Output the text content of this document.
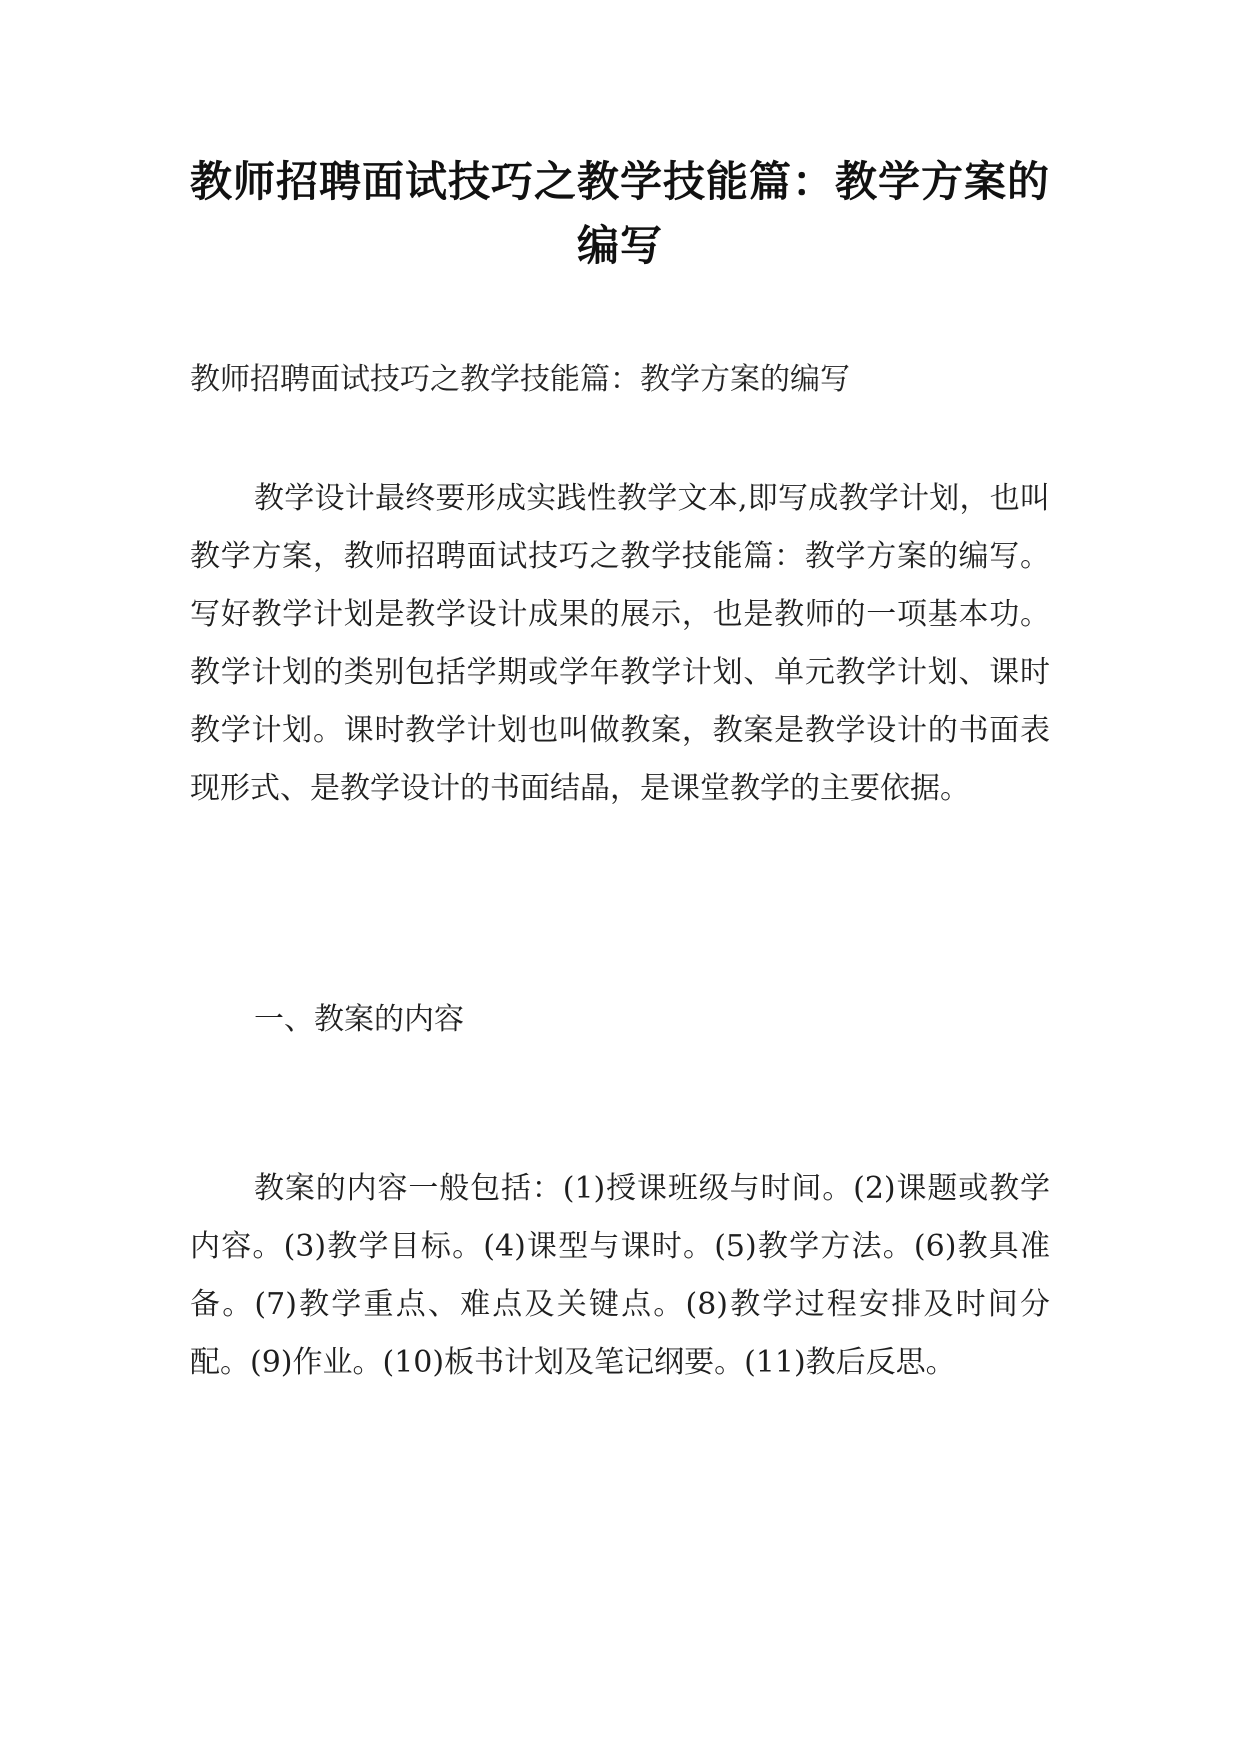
教师招聘面试技巧之教学技能篇：教学方案的编写

教师招聘面试技巧之教学技能篇：教学方案的编写

教学设计最终要形成实践性教学文本,即写成教学计划，也叫教学方案，教师招聘面试技巧之教学技能篇：教学方案的编写。写好教学计划是教学设计成果的展示，也是教师的一项基本功。教学计划的类别包括学期或学年教学计划、单元教学计划、课时教学计划。课时教学计划也叫做教案，教案是教学设计的书面表现形式、是教学设计的书面结晶，是课堂教学的主要依据。

一、教案的内容

教案的内容一般包括：(1)授课班级与时间。(2)课题或教学内容。(3)教学目标。(4)课型与课时。(5)教学方法。(6)教具准备。(7)教学重点、难点及关键点。(8)教学过程安排及时间分配。(9)作业。(10)板书计划及笔记纲要。(11)教后反思。
